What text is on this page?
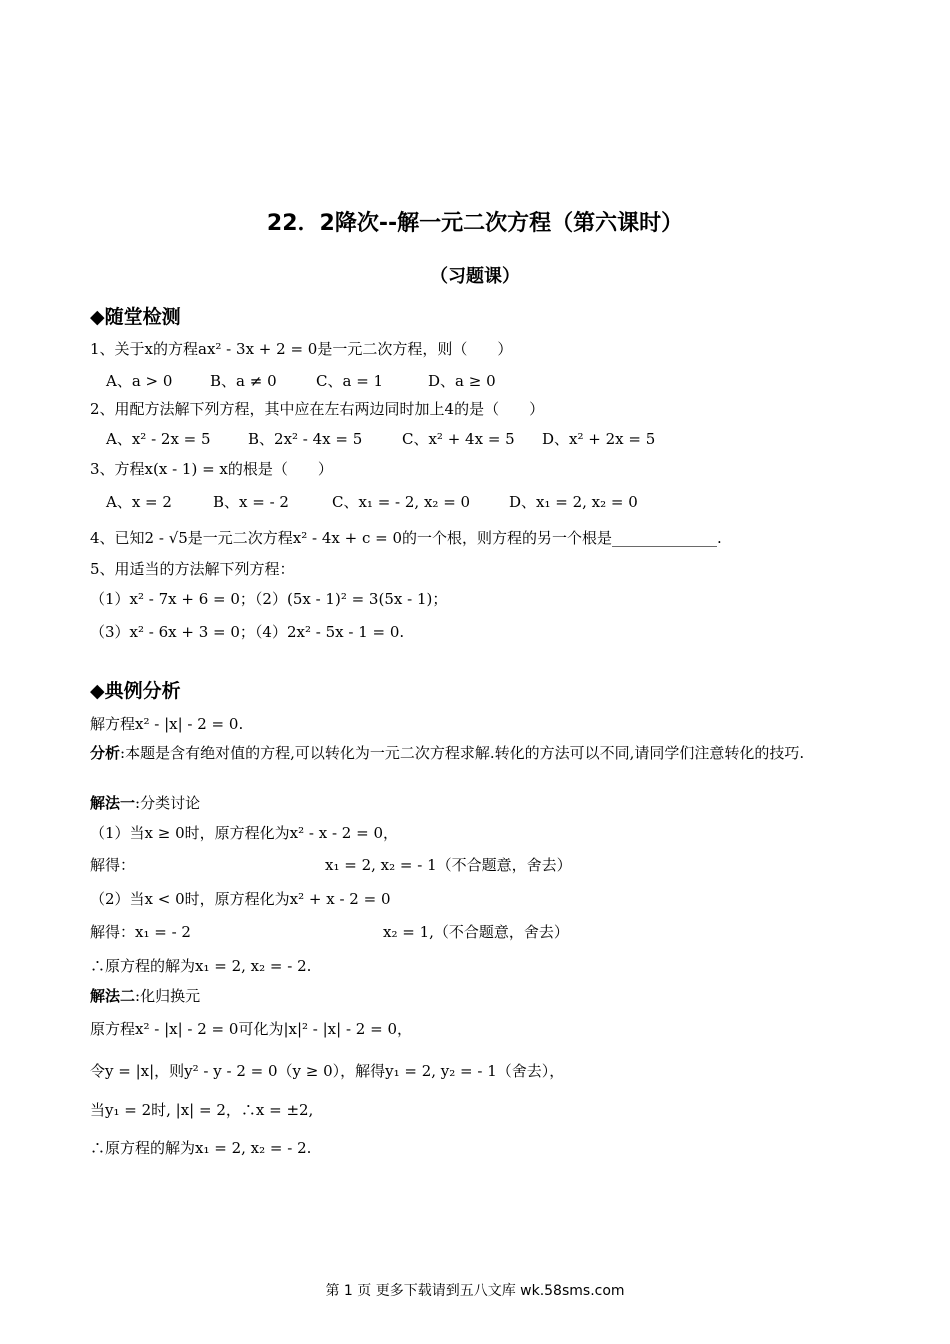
22．2降次--解一元二次方程（第六课时）
（习题课）
◆随堂检测
1、关于x的方程ax² - 3x + 2 = 0是一元二次方程，则（　　）
A、a > 0	B、a ≠ 0	C、a = 1	D、a ≥ 0
2、用配方法解下列方程，其中应在左右两边同时加上4的是（　　）
A、x² - 2x = 5 B、2x² - 4x = 5	C、x² + 4x = 5 D、x² + 2x = 5
3、方程x(x - 1) = x的根是（　　）
A、x = 2	B、x = - 2	C、x₁ = - 2, x₂ = 0	D、x₁ = 2, x₂ = 0
4、已知2 - √5是一元二次方程x² - 4x + c = 0的一个根，则方程的另一个根是______________.
5、用适当的方法解下列方程：
（1）x² - 7x + 6 = 0；（2）(5x - 1)² = 3(5x - 1)；
（3）x² - 6x + 3 = 0；（4）2x² - 5x - 1 = 0.
◆典例分析
解方程x² - |x| - 2 = 0.
分析:本题是含有绝对值的方程,可以转化为一元二次方程求解.转化的方法可以不同,请同学们注意转化的技巧.
解法一:分类讨论
（1）当x ≥ 0时，原方程化为x² - x - 2 = 0，
解得：	x₁ = 2, x₂ = - 1（不合题意，舍去）
（2）当x < 0时，原方程化为x² + x - 2 = 0
解得：x₁ = - 2	x₂ = 1,（不合题意，舍去）
∴原方程的解为x₁ = 2, x₂ = - 2.
解法二:化归换元
原方程x² - |x| - 2 = 0可化为|x|² - |x| - 2 = 0，
令y = |x|，则y² - y - 2 = 0（y ≥ 0），解得y₁ = 2, y₂ = - 1（舍去），
当y₁ = 2时, |x| = 2，∴x = ±2,
∴原方程的解为x₁ = 2, x₂ = - 2.
第 1 页 更多下载请到五八文库 wk.58sms.com
